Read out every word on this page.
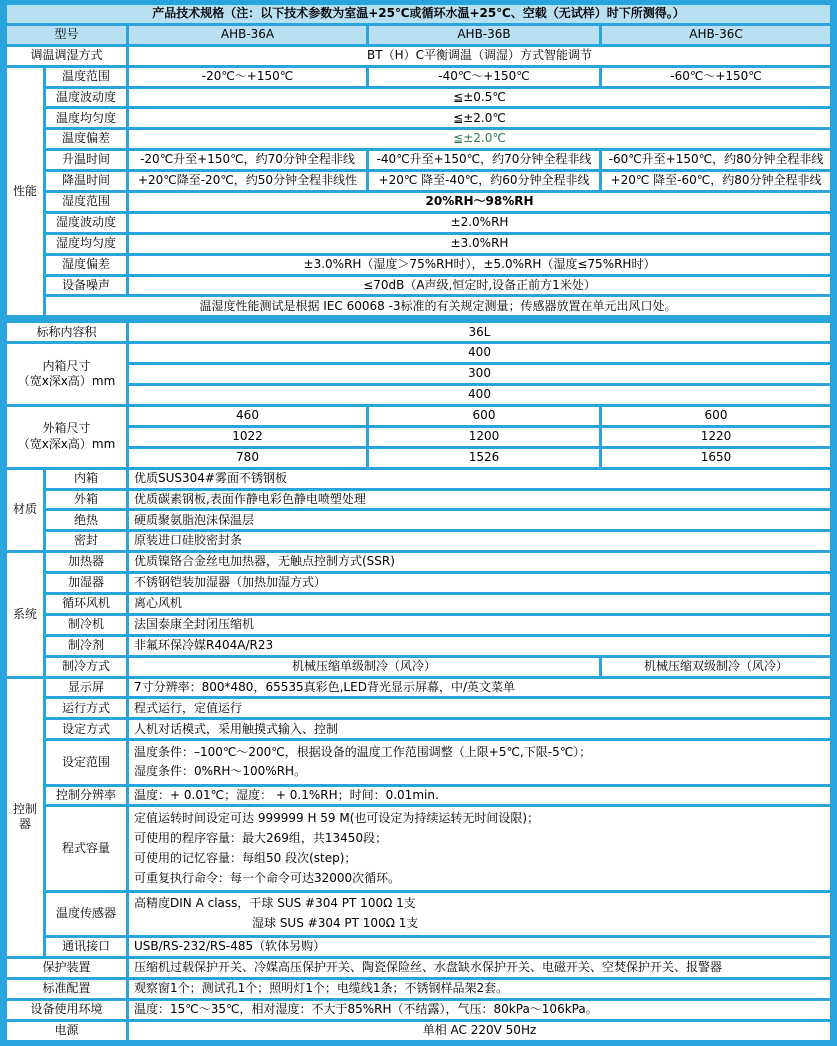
产品技术规格（注：以下技术参数为室温+25℃或循环水温+25℃、空载（无试样）时下所测得。）				
型号		AHB-36A	AHB-36B	AHB-36C
调温调湿方式		BT（H）C平衡调温（调湿）方式智能调节		
性能	温度范围	-20℃～+150℃	-40℃～+150℃	-60℃～+150℃
	温度波动度	≦±0.5℃		
	温度均匀度	≦±2.0℃		
	温度偏差	≦±2.0℃		
	升温时间	-20℃升至+150℃，约70分钟全程非线	-40℃升至+150℃，约70分钟全程非线	-60℃升至+150℃，约80分钟全程非线
	降温时间	+20℃降至-20℃，约50分钟全程非线性	+20℃ 降至-40℃，约60分钟全程非线	+20℃ 降至-60℃，约80分钟全程非线
	湿度范围	20%RH～98%RH		
	湿度波动度	±2.0%RH		
	湿度均匀度	±3.0%RH		
	湿度偏差	±3.0%RH（湿度＞75%RH时），±5.0%RH（湿度≤75%RH时）		
	设备噪声	≤70dB（A声级,恒定时,设备正前方1米处）		
	温湿度性能测试是根据 IEC 60068 -3标准的有关规定测量；传感器放置在单元出风口处。			
标称内容积		36L		

内箱尺寸
（宽x深x高）mm		400		
		300		
		400		

外箱尺寸
（宽x深x高）mm		460	600	600
		1022	1200	1220
		780	1526	1650
材质	内箱	优质SUS304#雾面不锈钢板		
	外箱	优质碳素钢板,表面作静电彩色静电喷塑处理		
	绝热	硬质聚氨脂泡沫保温层		
	密封	原装进口硅胶密封条		
系统	加热器	优质镍铬合金丝电加热器，无触点控制方式(SSR)		
	加湿器	不锈钢铠装加湿器（加热加湿方式）		
	循环风机	离心风机		
	制冷机	法国泰康全封闭压缩机		
	制冷剂	非氟环保冷媒R404A/R23		
	制冷方式	机械压缩单级制冷（风冷）		机械压缩双级制冷（风冷）
控制器	显示屏	7寸分辨率：800*480，65535真彩色,LED背光显示屏幕，中/英文菜单		
	运行方式	程式运行，定值运行		
	设定方式	人机对话模式，采用触摸式输入、控制		
	设定范围	温度条件：–100℃～200℃，根据设备的温度工作范围调整（上限+5℃,下限-5℃）；
湿度条件：0%RH～100%RH。		

	控制分辨率	温度：+ 0.01℃；湿度： + 0.1%RH；时间：0.01min.		
	程式容量	定值运转时间设定可达 999999 H 59 M(也可设定为持续运转无时间设限)；
可使用的程序容量：最大269组，共13450段；
可使用的记忆容量：每组50 段次(step)；
可重复执行命令：每一个命令可达32000次循环。		

	温度传感器	高精度DIN A class，干球 SUS #304 PT 100Ω 1支
湿球 SUS #304 PT 100Ω 1支		

	通讯接口	USB/RS-232/RS-485（软体另购）		
保护装置		压缩机过载保护开关、冷媒高压保护开关、陶瓷保险丝、水盘缺水保护开关、电磁开关、空焚保护开关、报警器		
标准配置		观察窗1个；测试孔1个；照明灯1个；电缆线1条；不锈钢样品架2套。		
设备使用环境		温度：15℃～35℃，相对湿度：不大于85%RH（不结露），气压：80kPa～106kPa。		
电源		单相 AC 220V 50Hz		
